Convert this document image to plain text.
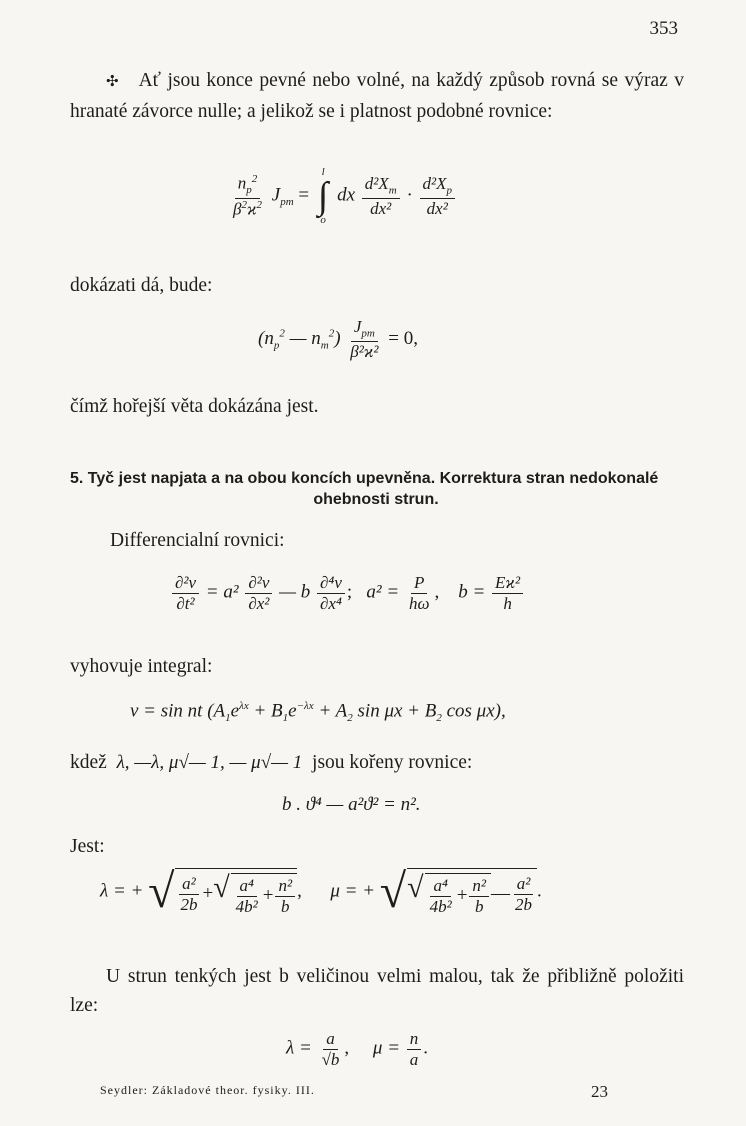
353
✣ Ať jsou konce pevné nebo volné, na každý způsob rovná se výraz v hranaté závorce nulle; a jelikož se i platnost podobné rovnice:
$\frac{n_p^2}{\beta^2ϰ^2} J_{pm}$ =
l
∫
o
dx $\frac{d^2X_m}{\text{dx²}} \cdot \frac{d^2X_p}{\text{dx²}}$
dokázati dá, bude:
($n_p^2$ — $n_m^2) \frac{J_{pm}}{\text{β²ϰ²}} = 0$,
čímž hořejší věta dokázána jest.
5. Tyč jest napjata a na obou koncích upevněna. Korrektura stran nedokonalé
ohebnosti strun.
Differencialní rovnici:
$\frac{\text{∂²v}}{\text{∂t²}} = a^2 \frac{\text{∂²v}}{\text{∂x²}}$ — b $\frac{\text{∂⁴v}}{\text{∂x⁴}}$ ; $a^2 = \frac{P}{h\omega}$ , $b = \frac{\text{Eϰ²}}{h}$
vyhovuje integral:
v = sin nt ($A_1e^{\lambda x} + B_1e^{-\lambda x} + A_2$ $\sin \mu x + B_2$ cos μx),
kdež λ, —λ, μ√— 1, — μ√— 1 jsou kořeny rovnice:
b . ϑ⁴ — a²ϑ² = n².
Jest:
λ = + √ $\frac{\text{a²}}{2b}$ + √ $\frac{\text{a⁴}}{\text{4b²}} + \frac{\text{n²}}{b}$ , μ = + √ √ $\frac{\text{a⁴}}{\text{4b²}} + \frac{\text{n²}}{b}$ — $\frac{\text{a²}}{2b}$ .
U strun tenkých jest b veličinou velmi malou, tak že přibližně položiti lze:
$\lambda = \frac{a}{√b}$ , $\mu = \frac{n}{a}$ .
Seydler: Základové theor. fysiky. III.	23
